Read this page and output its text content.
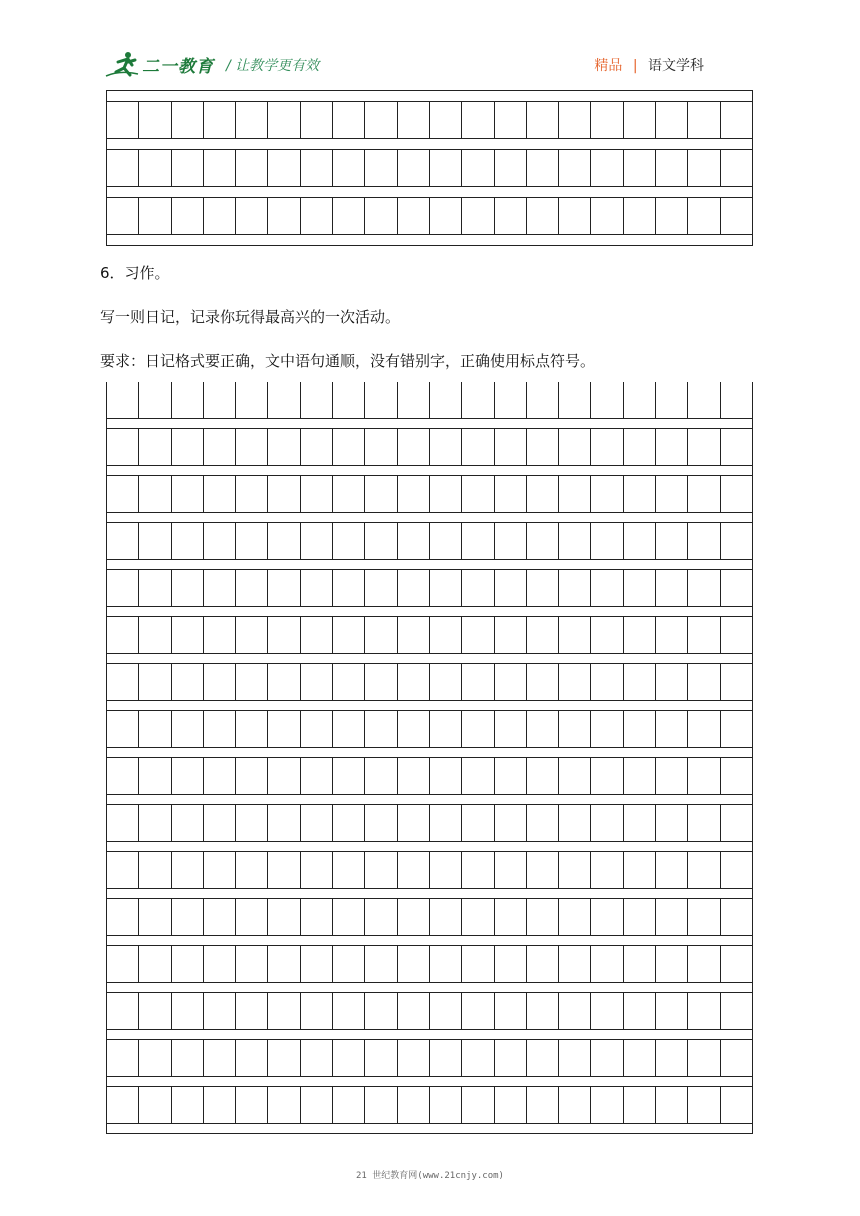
二一教育 / 让教学更有效	精品 | 语文学科
6．习作。
写一则日记，记录你玩得最高兴的一次活动。
要求：日记格式要正确，文中语句通顺，没有错别字，正确使用标点符号。
21 世纪教育网(www.21cnjy.com)
